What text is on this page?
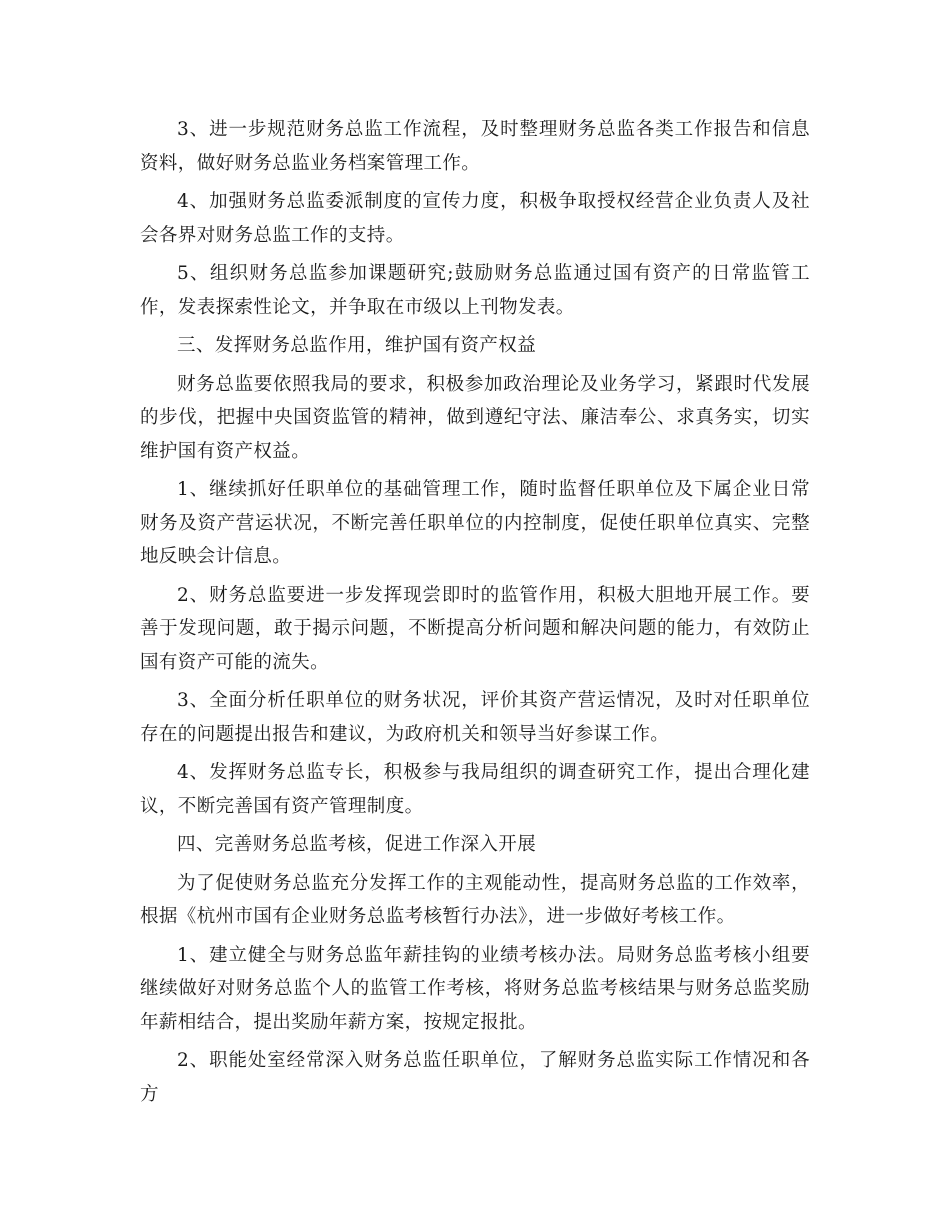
3、进一步规范财务总监工作流程，及时整理财务总监各类工作报告和信息资料，做好财务总监业务档案管理工作。

4、加强财务总监委派制度的宣传力度，积极争取授权经营企业负责人及社会各界对财务总监工作的支持。

5、组织财务总监参加课题研究;鼓励财务总监通过国有资产的日常监管工作，发表探索性论文，并争取在市级以上刊物发表。

三、发挥财务总监作用，维护国有资产权益

财务总监要依照我局的要求，积极参加政治理论及业务学习，紧跟时代发展的步伐，把握中央国资监管的精神，做到遵纪守法、廉洁奉公、求真务实，切实维护国有资产权益。

1、继续抓好任职单位的基础管理工作，随时监督任职单位及下属企业日常财务及资产营运状况，不断完善任职单位的内控制度，促使任职单位真实、完整地反映会计信息。

2、财务总监要进一步发挥现尝即时的监管作用，积极大胆地开展工作。要善于发现问题，敢于揭示问题，不断提高分析问题和解决问题的能力，有效防止国有资产可能的流失。

3、全面分析任职单位的财务状况，评价其资产营运情况，及时对任职单位存在的问题提出报告和建议，为政府机关和领导当好参谋工作。

4、发挥财务总监专长，积极参与我局组织的调查研究工作，提出合理化建议，不断完善国有资产管理制度。

四、完善财务总监考核，促进工作深入开展

为了促使财务总监充分发挥工作的主观能动性，提高财务总监的工作效率，根据《杭州市国有企业财务总监考核暂行办法》，进一步做好考核工作。

1、建立健全与财务总监年薪挂钩的业绩考核办法。局财务总监考核小组要继续做好对财务总监个人的监管工作考核，将财务总监考核结果与财务总监奖励年薪相结合，提出奖励年薪方案，按规定报批。

2、职能处室经常深入财务总监任职单位，了解财务总监实际工作情况和各方
